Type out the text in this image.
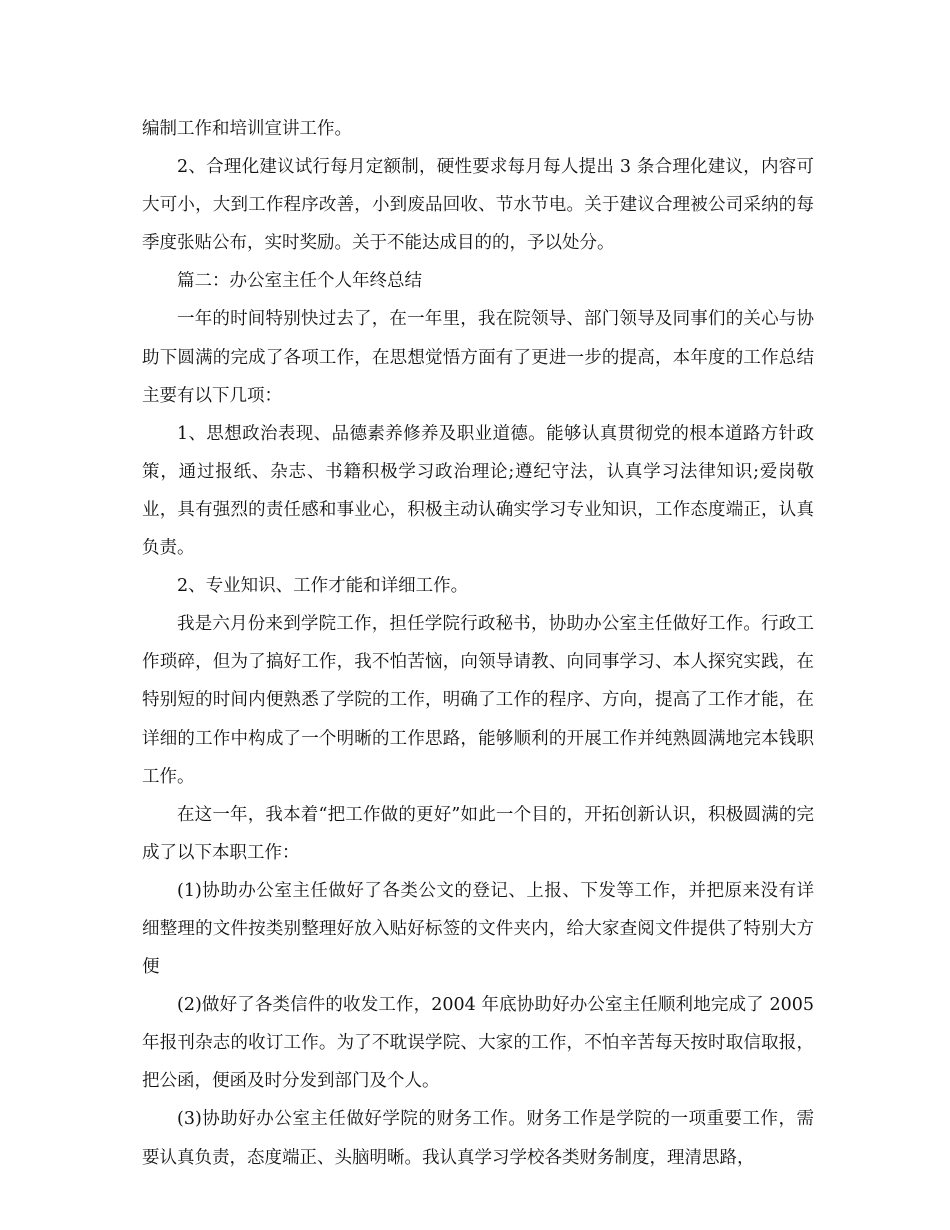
编制工作和培训宣讲工作。

2、合理化建议试行每月定额制，硬性要求每月每人提出 3 条合理化建议，内容可大可小，大到工作程序改善，小到废品回收、节水节电。关于建议合理被公司采纳的每季度张贴公布，实时奖励。关于不能达成目的的，予以处分。

篇二：办公室主任个人年终总结

一年的时间特别快过去了，在一年里，我在院领导、部门领导及同事们的关心与协助下圆满的完成了各项工作，在思想觉悟方面有了更进一步的提高，本年度的工作总结主要有以下几项：

1、思想政治表现、品德素养修养及职业道德。能够认真贯彻党的根本道路方针政策，通过报纸、杂志、书籍积极学习政治理论;遵纪守法，认真学习法律知识;爱岗敬业，具有强烈的责任感和事业心，积极主动认确实学习专业知识，工作态度端正，认真负责。

2、专业知识、工作才能和详细工作。

我是六月份来到学院工作，担任学院行政秘书，协助办公室主任做好工作。行政工作琐碎，但为了搞好工作，我不怕苦恼，向领导请教、向同事学习、本人探究实践，在特别短的时间内便熟悉了学院的工作，明确了工作的程序、方向，提高了工作才能，在详细的工作中构成了一个明晰的工作思路，能够顺利的开展工作并纯熟圆满地完本钱职工作。

在这一年，我本着“把工作做的更好”如此一个目的，开拓创新认识，积极圆满的完成了以下本职工作：

(1)协助办公室主任做好了各类公文的登记、上报、下发等工作，并把原来没有详细整理的文件按类别整理好放入贴好标签的文件夹内，给大家查阅文件提供了特别大方便

(2)做好了各类信件的收发工作，2004 年底协助好办公室主任顺利地完成了 2005 年报刊杂志的收订工作。为了不耽误学院、大家的工作，不怕辛苦每天按时取信取报，把公函，便函及时分发到部门及个人。

(3)协助好办公室主任做好学院的财务工作。财务工作是学院的一项重要工作，需要认真负责，态度端正、头脑明晰。我认真学习学校各类财务制度，理清思路，
